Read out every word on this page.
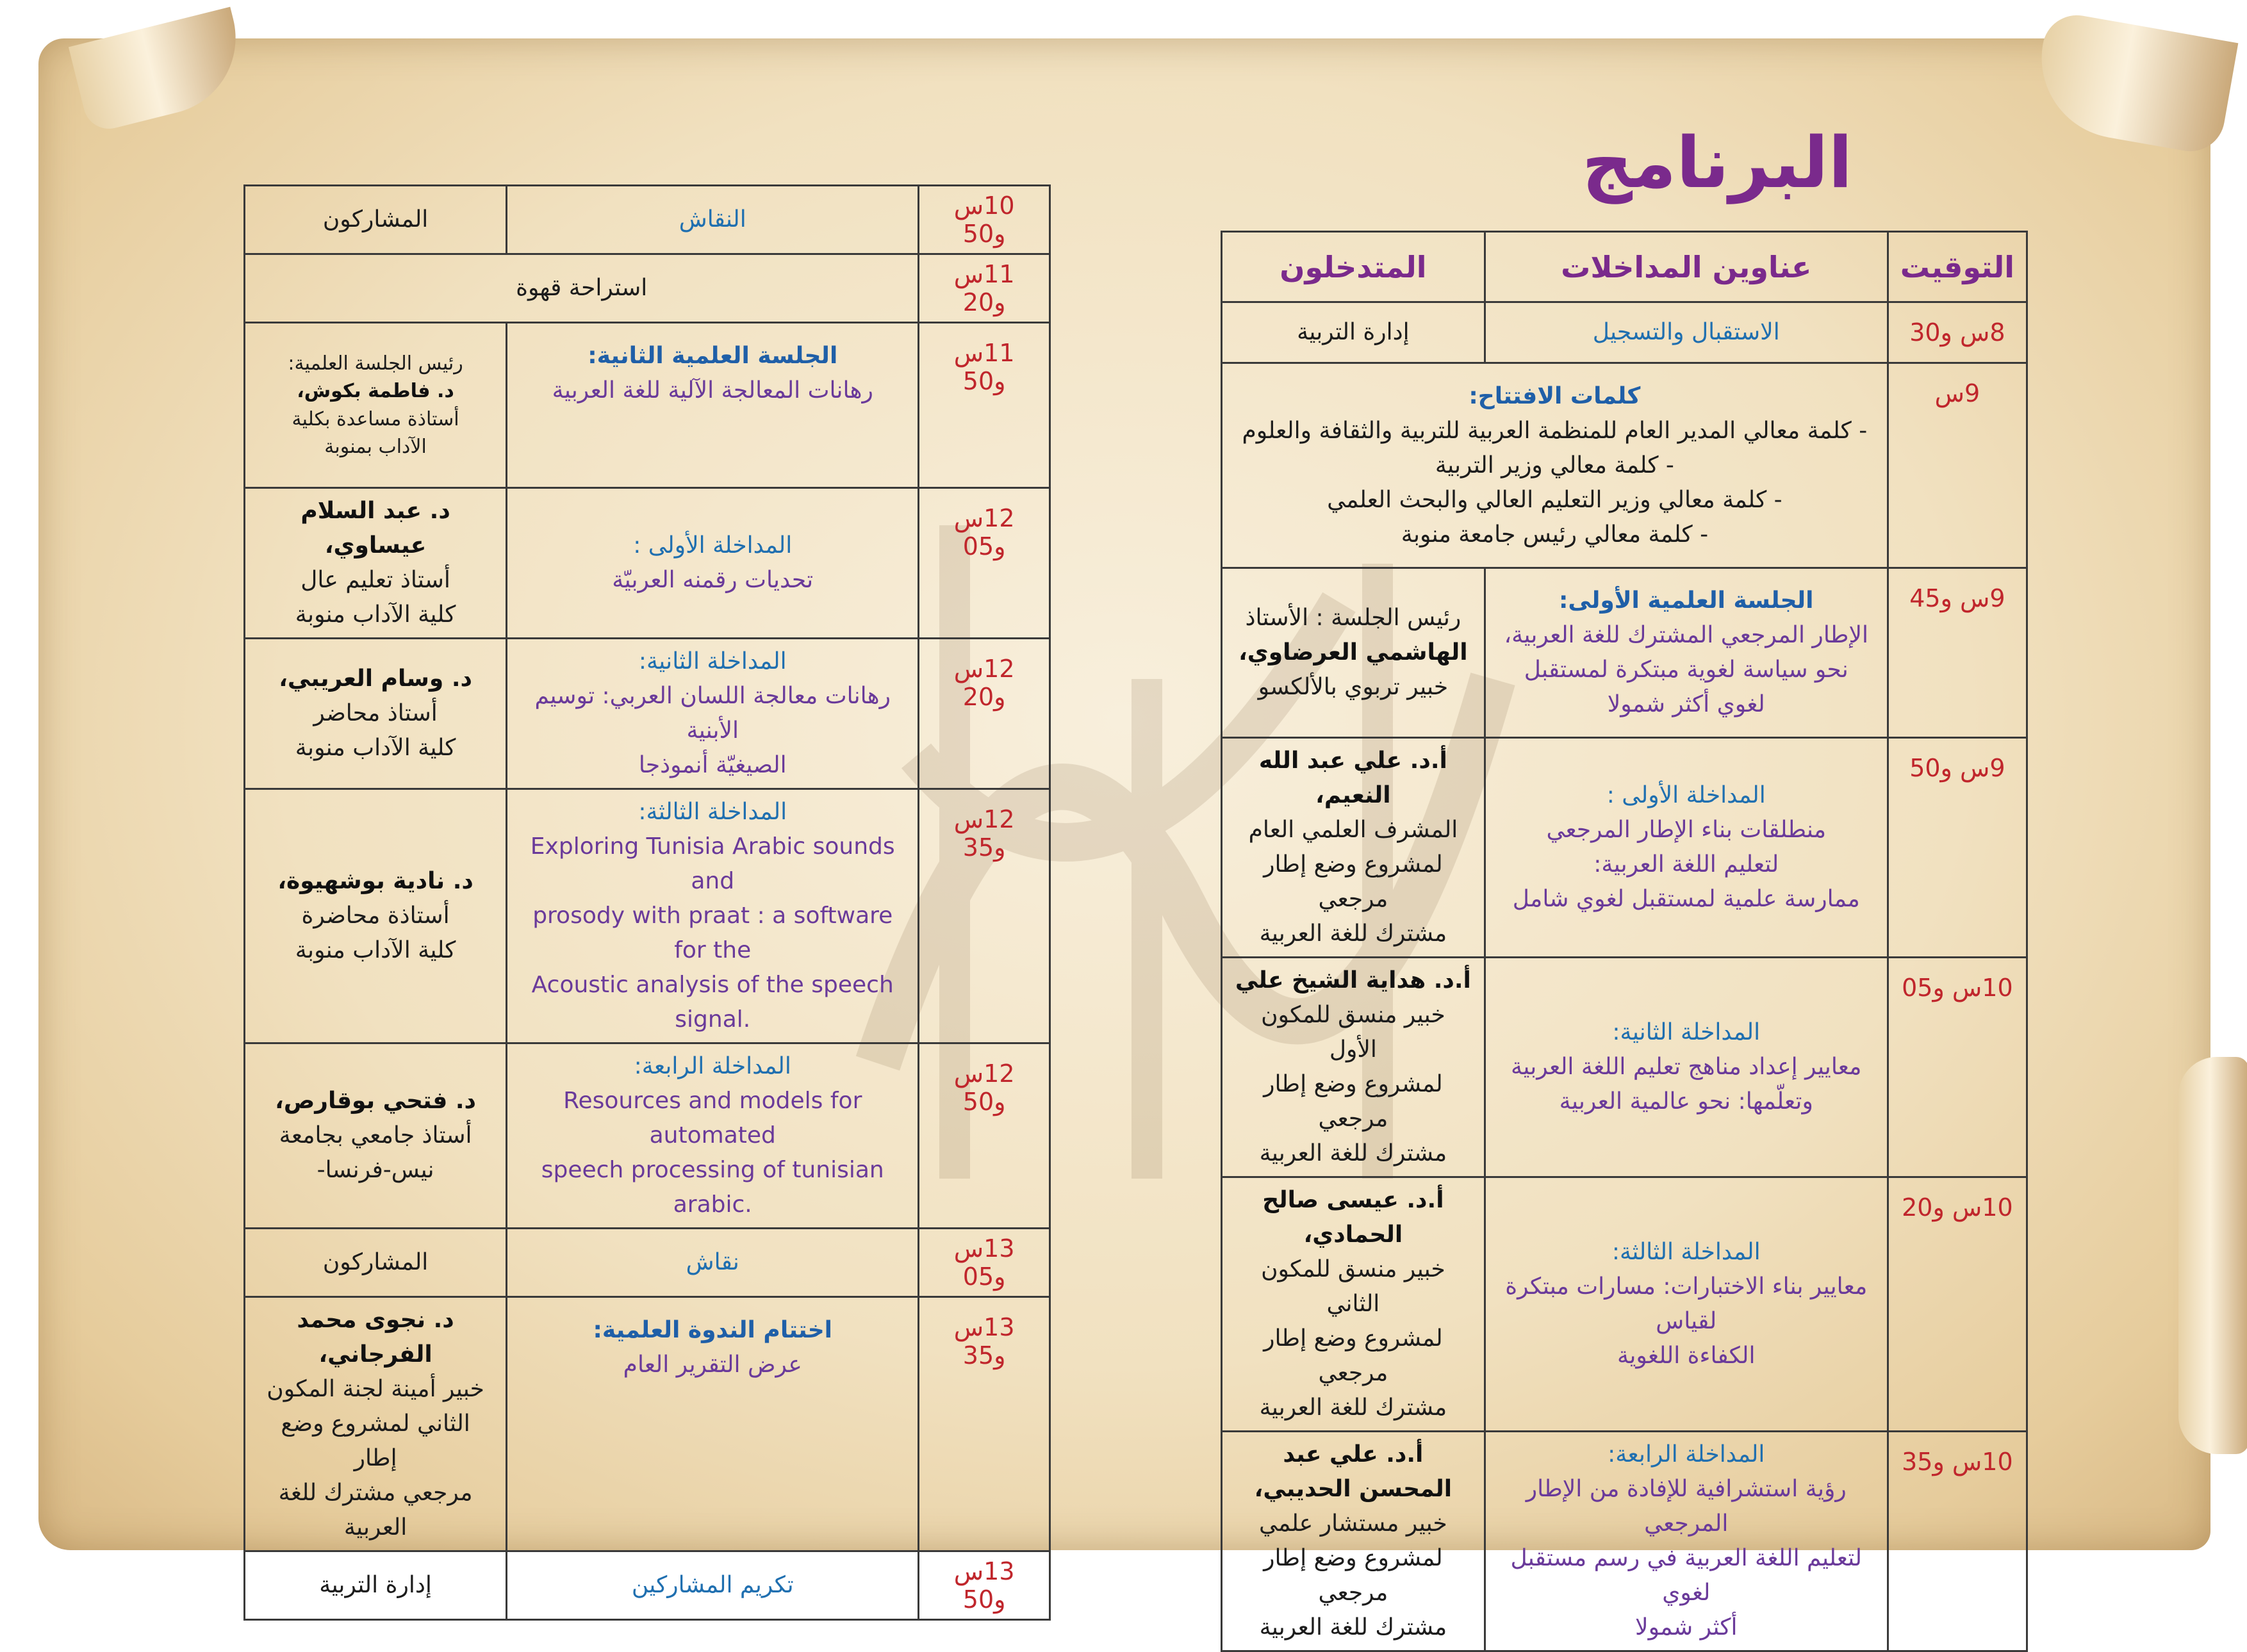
البرنامج
التوقيت	عناوين المداخلات	المتدخلون
8س و30	الاستقبال والتسجيل	إدارة التربية
9س	كلمات الافتتاح:
- كلمة معالي المدير العام للمنظمة العربية للتربية والثقافة والعلوم
- كلمة معالي وزير التربية
- كلمة معالي وزير التعليم العالي والبحث العلمي
- كلمة معالي رئيس جامعة منوبة	

9س و45	الجلسة العلمية الأولى:
الإطار المرجعي المشترك للغة العربية،
نحو سياسة لغوية مبتكرة لمستقبل
لغوي أكثر شمولا	رئيس الجلسة : الأستاذ
الهاشمي العرضاوي،
خبير تربوي بالألكسو

9س و50	المداخلة الأولى :
منطلقات بناء الإطار المرجعي
لتعليم اللغة العربية:
ممارسة علمية لمستقبل لغوي شامل	أ.د. علي عبد الله النعيم،
المشرف العلمي العام
لمشروع وضع إطار مرجعي
مشترك للغة العربية

10س و05	المداخلة الثانية:
معايير إعداد مناهج تعليم اللغة العربية
وتعلّمها: نحو عالمية العربية	أ.د. هداية الشيخ علي
خبير منسق للمكون الأول
لمشروع وضع إطار مرجعي
مشترك للغة العربية

10س و20	المداخلة الثالثة:
معايير بناء الاختبارات: مسارات مبتكرة لقياس
الكفاءة اللغوية	أ.د. عيسى صالح الحمادي،
خبير منسق للمكون الثاني
لمشروع وضع إطار مرجعي
مشترك للغة العربية

10س و35	المداخلة الرابعة:
رؤية استشرافية للإفادة من الإطار المرجعي
لتعليم اللغة العربية في رسم مستقبل لغوي
أكثر شمولا	أ.د. علي عبد المحسن الحديبي،
خبير مستشار علمي
لمشروع وضع إطار مرجعي
مشترك للغة العربية
10س و50	النقاش	المشاركون
11س و20	استراحة قهوة	
11س و50	الجلسة العلمية الثانية:
رهانات المعالجة الآلية للغة العربية	رئيس الجلسة العلمية:
د. فاطمة بكوش،
أستاذة مساعدة بكلية
الآداب بمنوبة

12س و05	المداخلة الأولى :
تحديات رقمنه العربيّة	د. عبد السلام عيساوي،
أستاذ تعليم عال
كلية الآداب منوبة

12س و20	المداخلة الثانية:
رهانات معالجة اللسان العربي: توسيم الأبنية
الصيغيّة أنموذجا	د. وسام العريبي،
أستاذ محاضر
كلية الآداب منوبة

12س و35	المداخلة الثالثة:
Exploring Tunisia Arabic sounds and
prosody with praat : a software for the
Acoustic analysis of the speech signal.	د. نادية بوشهيوة،
أستاذة محاضرة
كلية الآداب منوبة

12س و50	المداخلة الرابعة:
Resources and models for automated
speech processing of tunisian arabic.	د. فتحي بوقارص،
أستاذ جامعي بجامعة
نيس-فرنسا-

13س و05	نقاش	المشاركون
13س و35	اختتام الندوة العلمية:
عرض التقرير العام	د. نجوى محمد الفرجاني،
خبير أمينة لجنة المكون
الثاني لمشروع وضع إطار
مرجعي مشترك للغة
العربية

13س و50	تكريم المشاركين	إدارة التربية
